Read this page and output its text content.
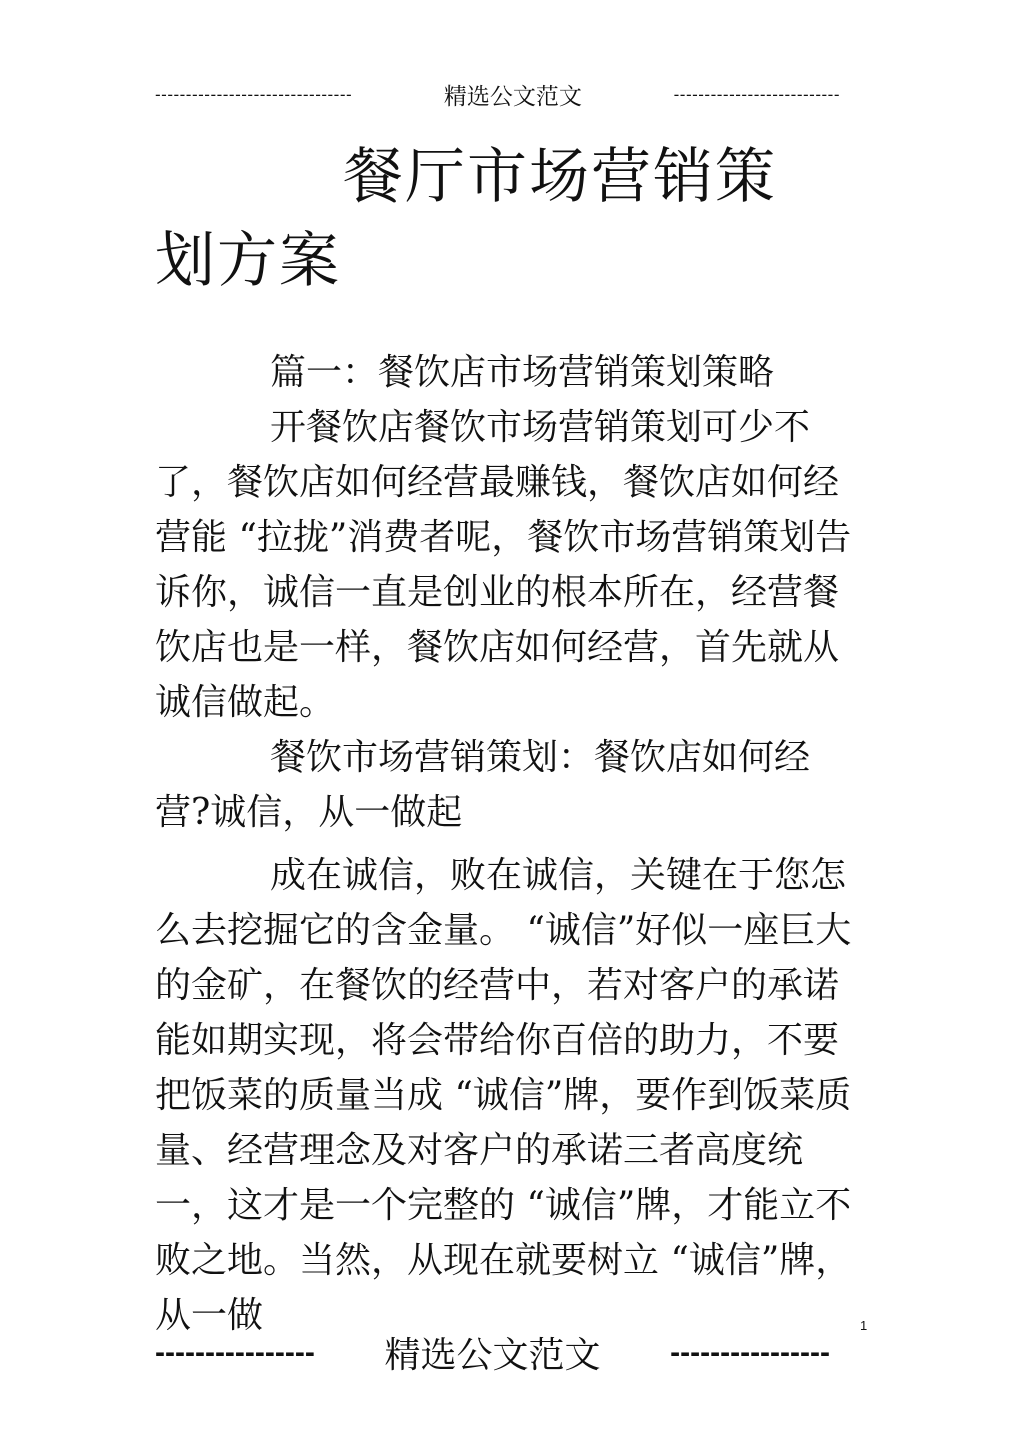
--------------------------------	精选公文范文	---------------------------
餐厅市场营销策划方案

篇一：餐饮店市场营销策划策略

开餐饮店餐饮市场营销策划可少不了，餐饮店如何经营最赚钱，餐饮店如何经营能 “拉拢”消费者呢，餐饮市场营销策划告诉你，诚信一直是创业的根本所在，经营餐饮店也是一样，餐饮店如何经营，首先就从诚信做起。

餐饮市场营销策划：餐饮店如何经营?诚信，从一做起

成在诚信，败在诚信，关键在于您怎么去挖掘它的含金量。 “诚信”好似一座巨大的金矿，在餐饮的经营中，若对客户的承诺能如期实现，将会带给你百倍的助力，不要把饭菜的质量当成 “诚信”牌，要作到饭菜质量、经营理念及对客户的承诺三者高度统一，这才是一个完整的 “诚信”牌，才能立不败之地。当然，从现在就要树立 “诚信”牌，从一做	1
---------------- 精选公文范文 ----------------
